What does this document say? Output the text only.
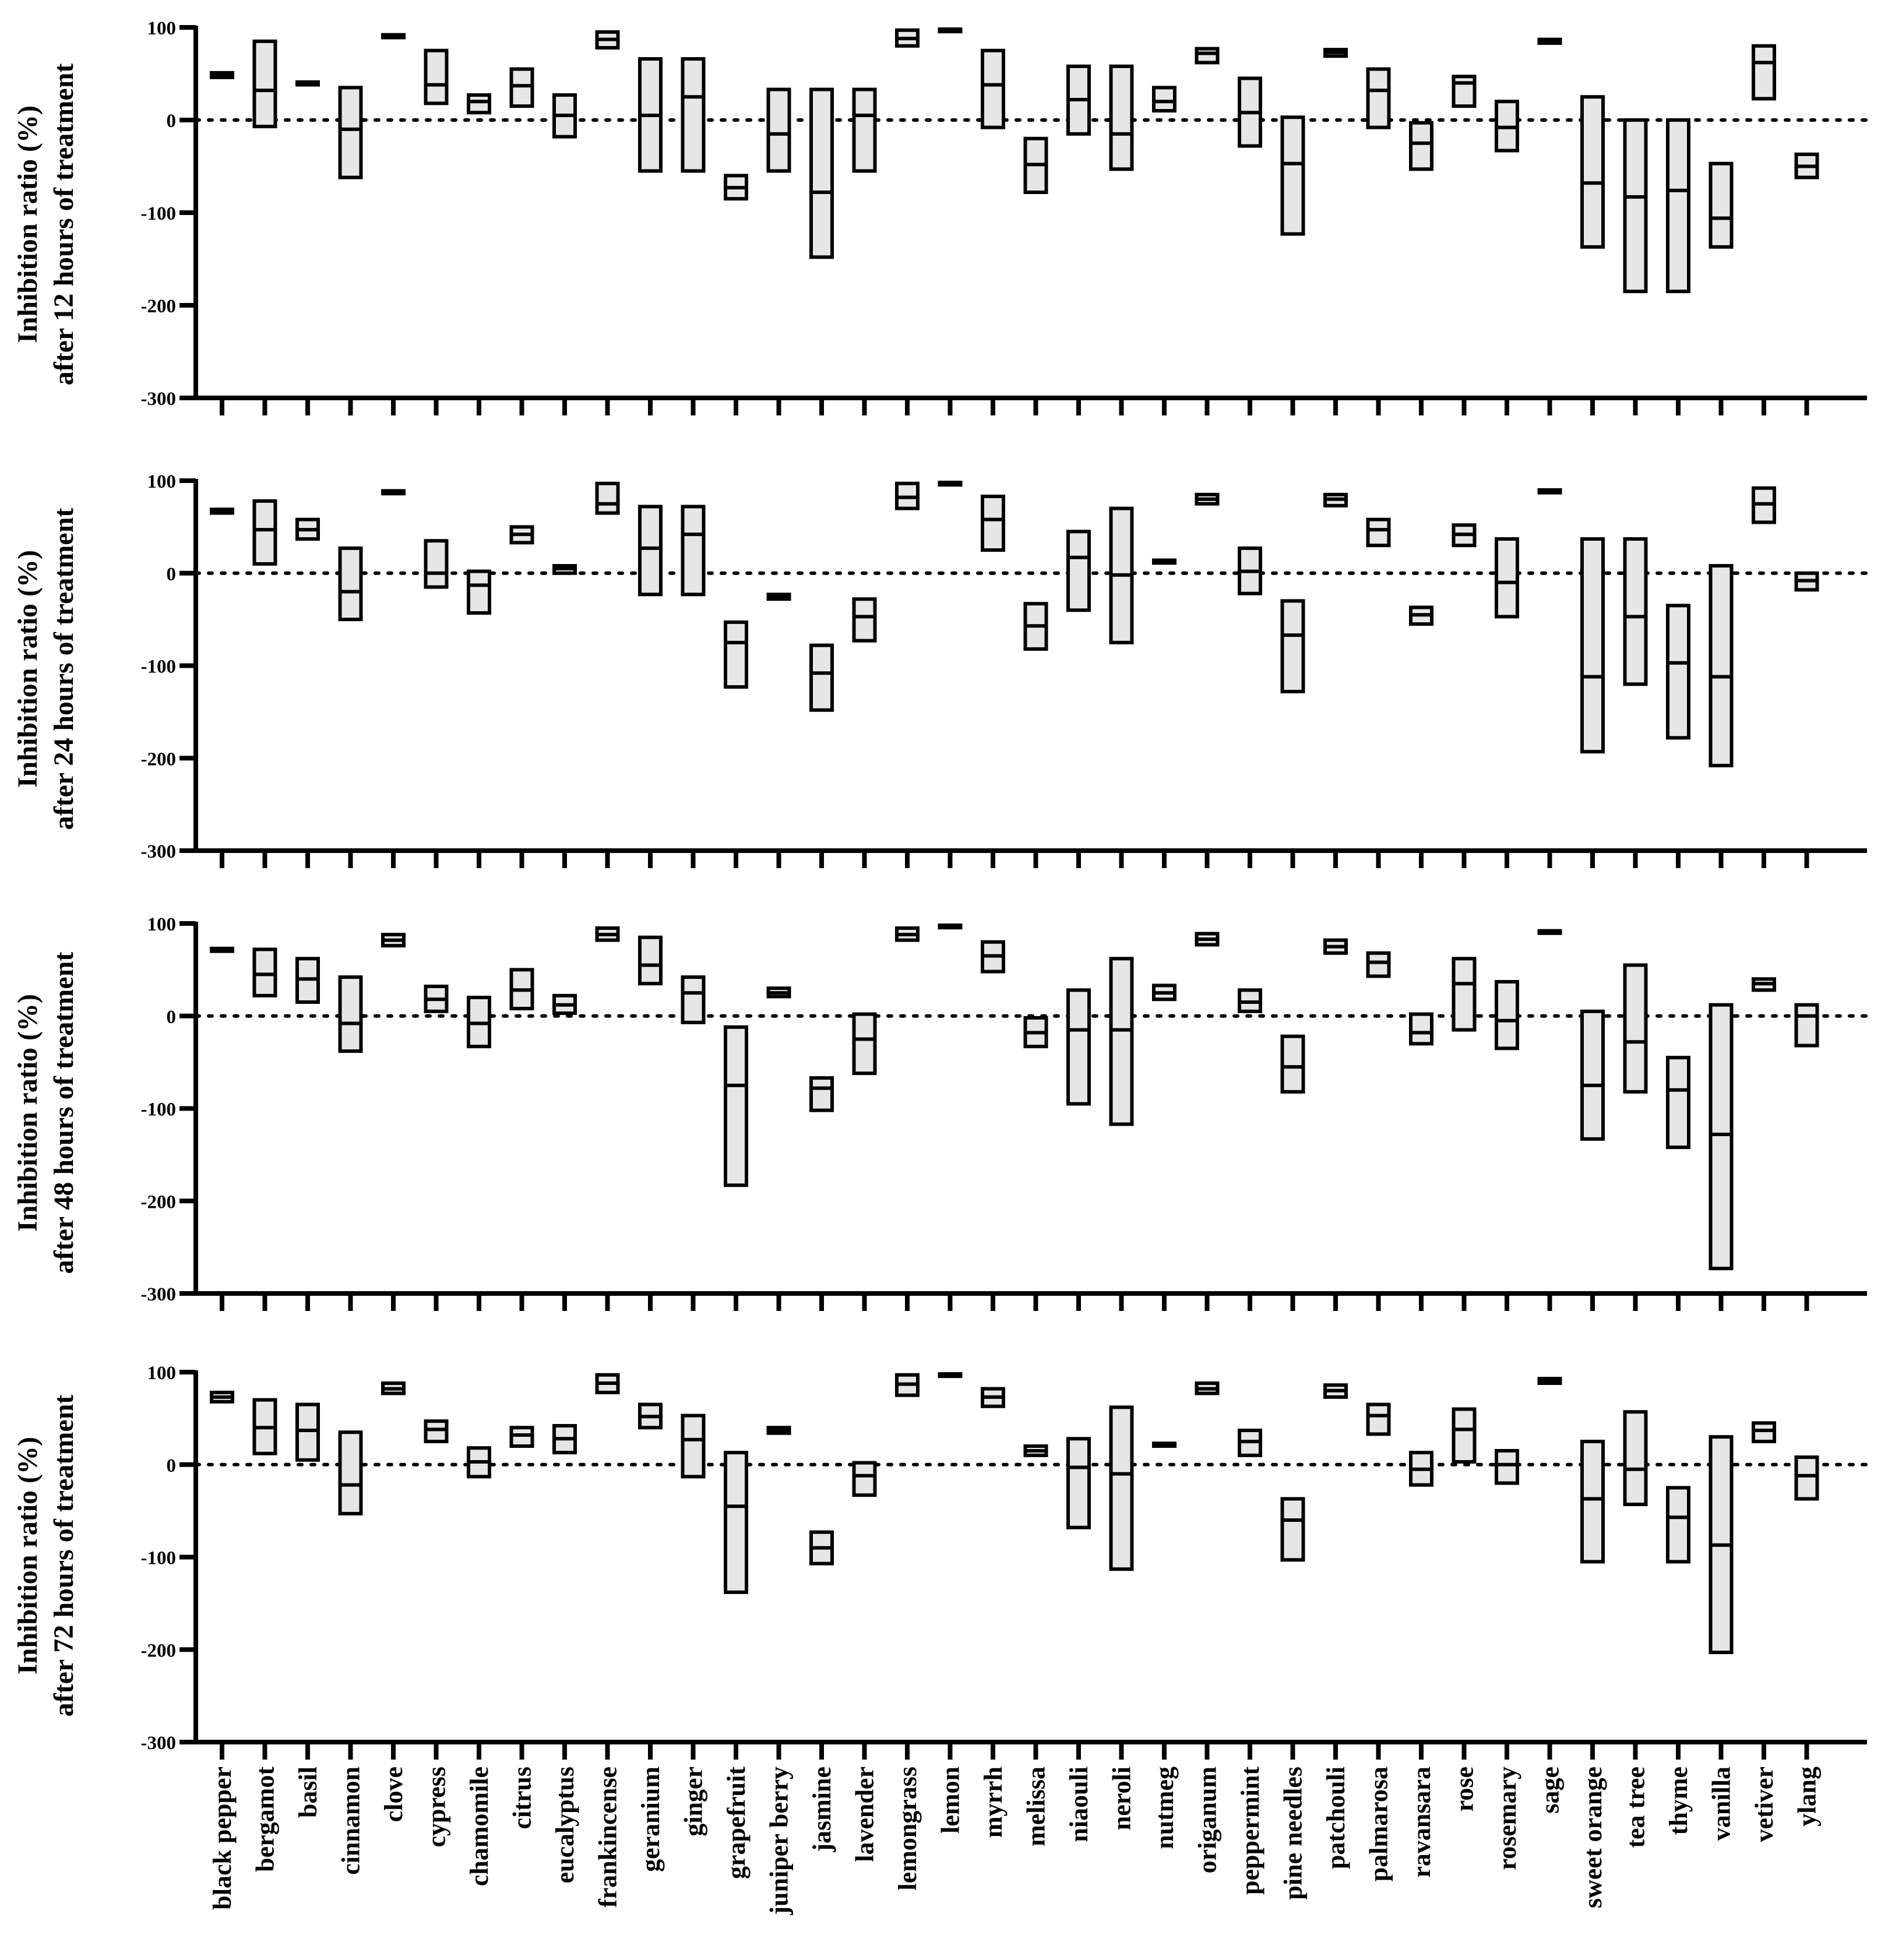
Inhibition ratio (%) after 12 hours of treatment
100
0
-100
-200
-300
Inhibition ratio (%) after 24 hours of treatment
100
0
-100
-200
-300
Inhibition ratio (%) after 48 hours of treatment
100
0
-100
-200
-300
Inhibition ratio (%) after 72 hours of treatment
100
0
-100
-200
-300
black pepper bergamot basil cinnamon clove cypress chamomile citrus eucalyptus frankincense geranium ginger grapefruit juniper berry jasmine lavender lemongrass lemon myrrh melissa niaouli neroli nutmeg origanum peppermint pine needles patchouli palmarosa ravansara rose rosemary sage sweet orange tea tree thyme vanilla vetiver ylang
